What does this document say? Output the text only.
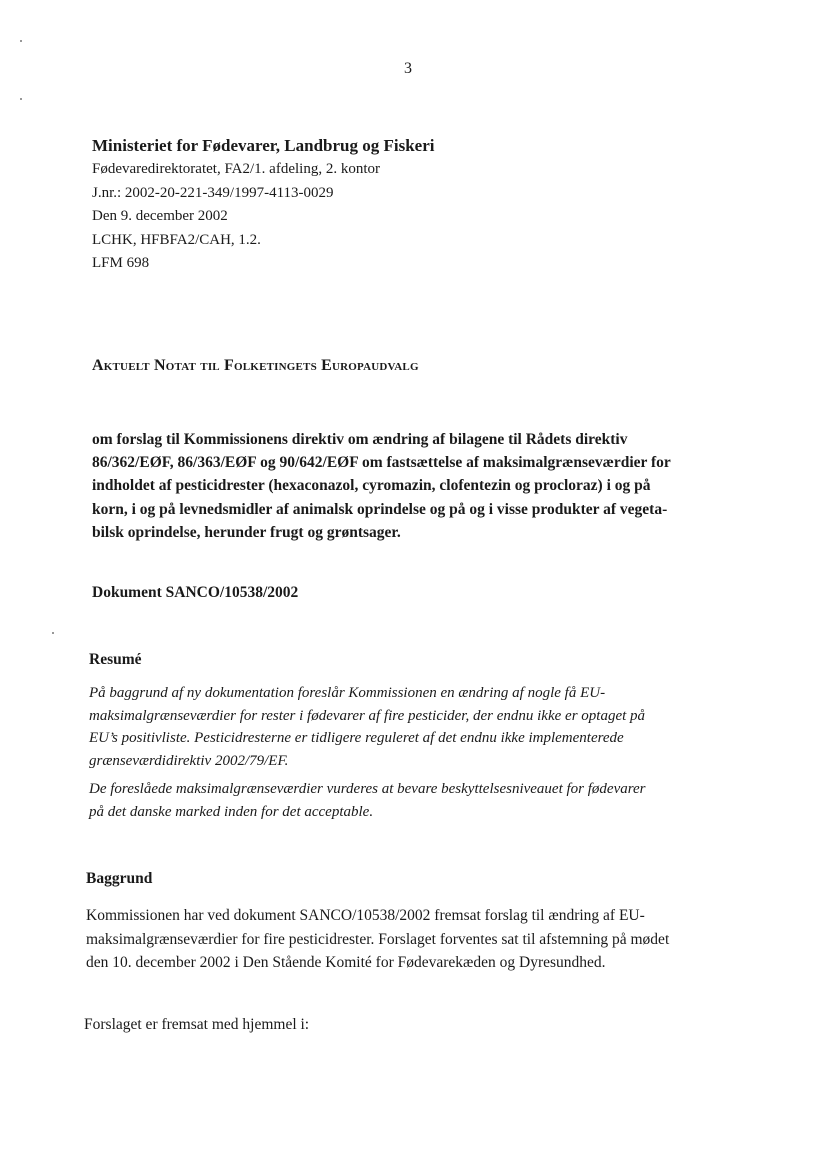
3

Ministeriet for Fødevarer, Landbrug og Fiskeri

Fødevaredirektoratet, FA2/1. afdeling, 2. kontor

J.nr.: 2002-20-221-349/1997-4113-0029

Den 9. december 2002

LCHK, HFBFA2/CAH, 1.2.

LFM 698

Aktuelt Notat til Folketingets Europaudvalg
om forslag til Kommissionens direktiv om ændring af bilagene til Rådets direktiv
86/362/EØF, 86/363/EØF og 90/642/EØF om fastsættelse af maksimalgrænseværdier for
indholdet af pesticidrester (hexaconazol, cyromazin, clofentezin og procloraz) i og på
korn, i og på levnedsmidler af animalsk oprindelse og på og i visse produkter af vegeta-
bilsk oprindelse, herunder frugt og grøntsager.

Dokument SANCO/10538/2002

Resumé

På baggrund af ny dokumentation foreslår Kommissionen en ændring af nogle få EU-
maksimalgrænseværdier for rester i fødevarer af fire pesticider, der endnu ikke er optaget på
EU’s positivliste. Pesticidresterne er tidligere reguleret af det endnu ikke implementerede
grænseværdidirektiv 2002/79/EF.

De foreslåede maksimalgrænseværdier vurderes at bevare beskyttelsesniveauet for fødevarer
på det danske marked inden for det acceptable.

Baggrund
Kommissionen har ved dokument SANCO/10538/2002 fremsat forslag til ændring af EU-
maksimalgrænseværdier for fire pesticidrester. Forslaget forventes sat til afstemning på mødet
den 10. december 2002 i Den Stående Komité for Fødevarekæden og Dyresundhed.

Forslaget er fremsat med hjemmel i:
